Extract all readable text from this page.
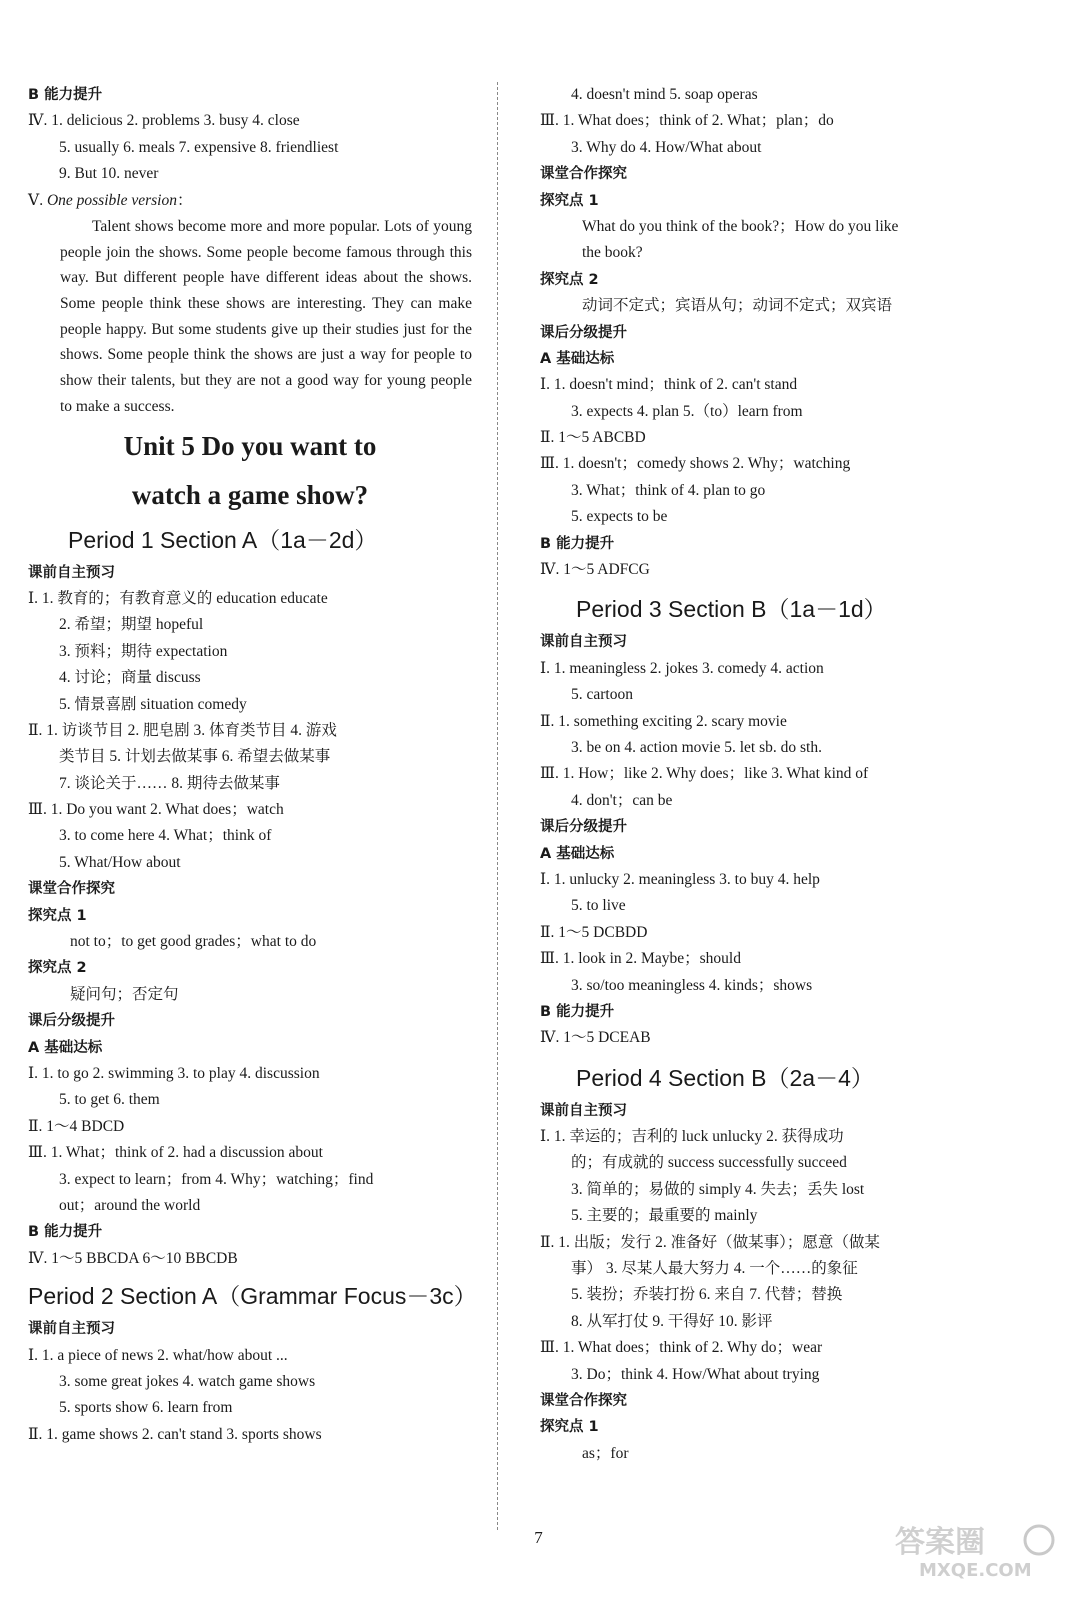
B 能力提升
Ⅳ. 1. delicious 2. problems 3. busy 4. close
5. usually 6. meals 7. expensive 8. friendliest
9. But 10. never
Ⅴ. One possible version：

Talent shows become more and more popular. Lots of young people join the shows. Some people become famous through this way. But different people have different ideas about the shows. Some people think these shows are interesting. They can make people happy. But some students give up their studies just for the shows. Some people think the shows are just a way for people to show their talents, but they are not a good way for young people to make a success.

Unit 5 Do you want to
watch a game show?
Period 1 Section A（1a－2d）
课前自主预习
Ⅰ. 1. 教育的；有教育意义的 education educate
2. 希望；期望 hopeful
3. 预料；期待 expectation
4. 讨论；商量 discuss
5. 情景喜剧 situation comedy
Ⅱ. 1. 访谈节目 2. 肥皂剧 3. 体育类节目 4. 游戏
类节目 5. 计划去做某事 6. 希望去做某事
7. 谈论关于…… 8. 期待去做某事
Ⅲ. 1. Do you want 2. What does；watch
3. to come here 4. What；think of
5. What/How about
课堂合作探究
探究点 1
not to；to get good grades；what to do
探究点 2
疑问句；否定句
课后分级提升
A 基础达标
Ⅰ. 1. to go 2. swimming 3. to play 4. discussion
5. to get 6. them
Ⅱ. 1～4 BDCD
Ⅲ. 1. What；think of 2. had a discussion about
3. expect to learn；from 4. Why；watching；find
out；around the world
B 能力提升
Ⅳ. 1～5 BBCDA 6～10 BBCDB
Period 2 Section A（Grammar Focus－3c）
课前自主预习
Ⅰ. 1. a piece of news 2. what/how about ...
3. some great jokes 4. watch game shows
5. sports show 6. learn from
Ⅱ. 1. game shows 2. can't stand 3. sports shows
4. doesn't mind 5. soap operas
Ⅲ. 1. What does；think of 2. What；plan；do
3. Why do 4. How/What about
课堂合作探究
探究点 1
What do you think of the book?；How do you like
the book?
探究点 2
动词不定式；宾语从句；动词不定式；双宾语
课后分级提升
A 基础达标
Ⅰ. 1. doesn't mind；think of 2. can't stand
3. expects 4. plan 5.（to）learn from
Ⅱ. 1～5 ABCBD
Ⅲ. 1. doesn't；comedy shows 2. Why；watching
3. What；think of 4. plan to go
5. expects to be
B 能力提升
Ⅳ. 1～5 ADFCG
Period 3 Section B（1a－1d）
课前自主预习
Ⅰ. 1. meaningless 2. jokes 3. comedy 4. action
5. cartoon
Ⅱ. 1. something exciting 2. scary movie
3. be on 4. action movie 5. let sb. do sth.
Ⅲ. 1. How；like 2. Why does；like 3. What kind of
4. don't；can be
课后分级提升
A 基础达标
Ⅰ. 1. unlucky 2. meaningless 3. to buy 4. help
5. to live
Ⅱ. 1～5 DCBDD
Ⅲ. 1. look in 2. Maybe；should
3. so/too meaningless 4. kinds；shows
B 能力提升
Ⅳ. 1～5 DCEAB
Period 4 Section B（2a－4）
课前自主预习
Ⅰ. 1. 幸运的；吉利的 luck unlucky 2. 获得成功
的；有成就的 success successfully succeed
3. 简单的；易做的 simply 4. 失去；丢失 lost
5. 主要的；最重要的 mainly
Ⅱ. 1. 出版；发行 2. 准备好（做某事）；愿意（做某
事） 3. 尽某人最大努力 4. 一个……的象征
5. 装扮；乔装打扮 6. 来自 7. 代替；替换
8. 从军打仗 9. 干得好 10. 影评
Ⅲ. 1. What does；think of 2. Why do；wear
3. Do；think 4. How/What about trying
课堂合作探究
探究点 1
as；for
7	答案圈
MXQE.COM
